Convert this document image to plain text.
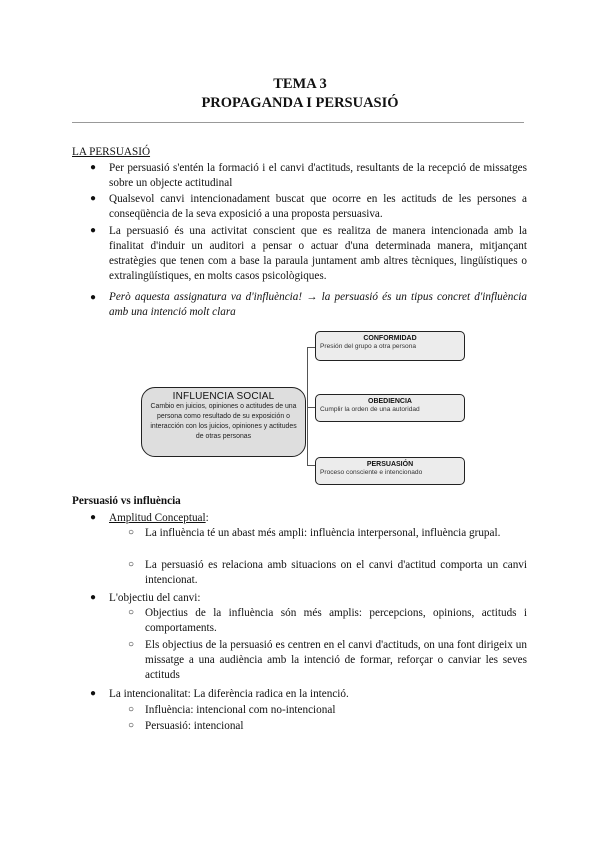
TEMA 3
PROPAGANDA I PERSUASIÓ
LA PERSUASIÓ
● Per persuasió s'entén la formació i el canvi d'actituds, resultants de la recepció de missatges sobre un objecte actitudinal
● Qualsevol canvi intencionadament buscat que ocorre en les actituds de les persones a conseqüència de la seva exposició a una proposta persuasiva.
● La persuasió és una activitat conscient que es realitza de manera intencionada amb la finalitat d'induir un auditori a pensar o actuar d'una determinada manera, mitjançant estratègies que tenen com a base la paraula juntament amb altres tècniques, lingüístiques o extralingüístiques, en molts casos psicològiques.
● Però aquesta assignatura va d'influència! → la persuasió és un tipus concret d'influència amb una intenció molt clara
CONFORMIDAD
Presión del grupo a otra persona
INFLUENCIA SOCIAL
Cambio en juicios, opiniones o actitudes de una persona como resultado de su exposición o interacción con los juicios, opiniones y actitudes de otras personas
OBEDIENCIA
Cumplir la orden de una autoridad
PERSUASIÓN
Proceso consciente e intencionado
Persuasió vs influència
● Amplitud Conceptual:
○ La influència té un abast més ampli: influència interpersonal, influència grupal.
○ La persuasió es relaciona amb situacions on el canvi d'actitud comporta un canvi intencionat.
● L'objectiu del canvi:
○ Objectius de la influència són més amplis: percepcions, opinions, actituds i comportaments.
○ Els objectius de la persuasió es centren en el canvi d'actituds, on una font dirigeix un missatge a una audiència amb la intenció de formar, reforçar o canviar les seves actituds
● La intencionalitat: La diferència radica en la intenció.
○ Influència: intencional com no-intencional
○ Persuasió: intencional
